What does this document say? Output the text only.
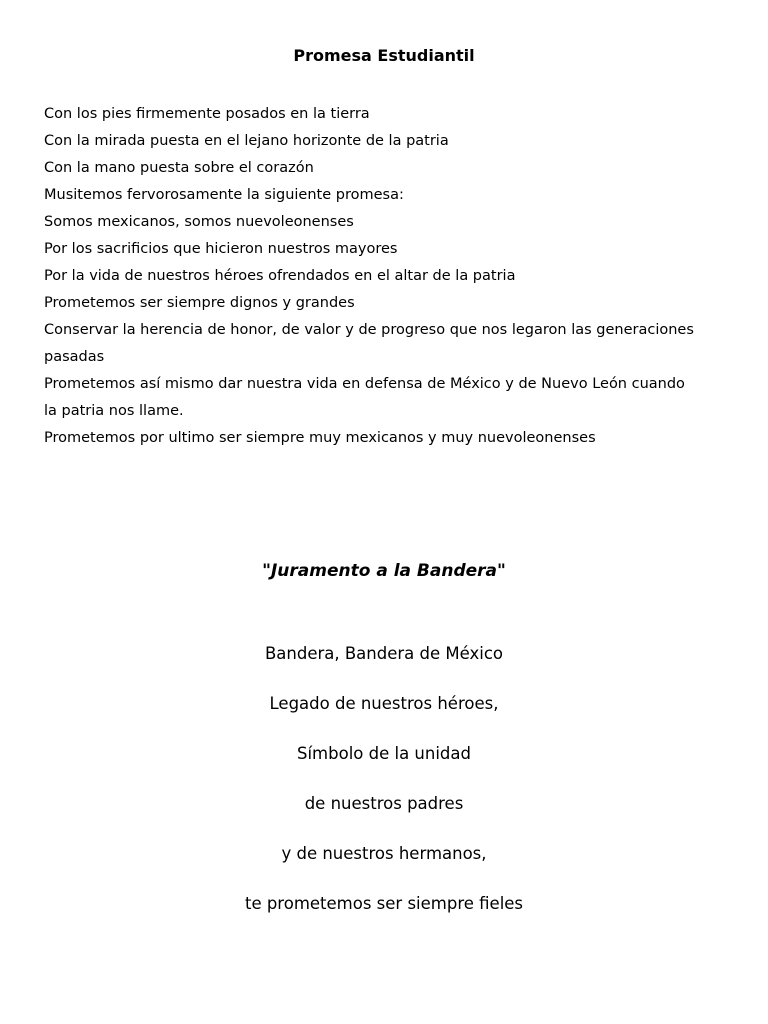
Promesa Estudiantil
Con los pies firmemente posados en la tierra
Con la mirada puesta en el lejano horizonte de la patria
Con la mano puesta sobre el corazón
Musitemos fervorosamente la siguiente promesa:
Somos mexicanos, somos nuevoleonenses
Por los sacrificios que hicieron nuestros mayores
Por la vida de nuestros héroes ofrendados en el altar de la patria
Prometemos ser siempre dignos y grandes
Conservar la herencia de honor, de valor y de progreso que nos legaron las generaciones
pasadas
Prometemos así mismo dar nuestra vida en defensa de México y de Nuevo León cuando
la patria nos llame.
Prometemos por ultimo ser siempre muy mexicanos y muy nuevoleonenses
"Juramento a la Bandera"
Bandera, Bandera de México
Legado de nuestros héroes,
Símbolo de la unidad
de nuestros padres
y de nuestros hermanos,
te prometemos ser siempre fieles
